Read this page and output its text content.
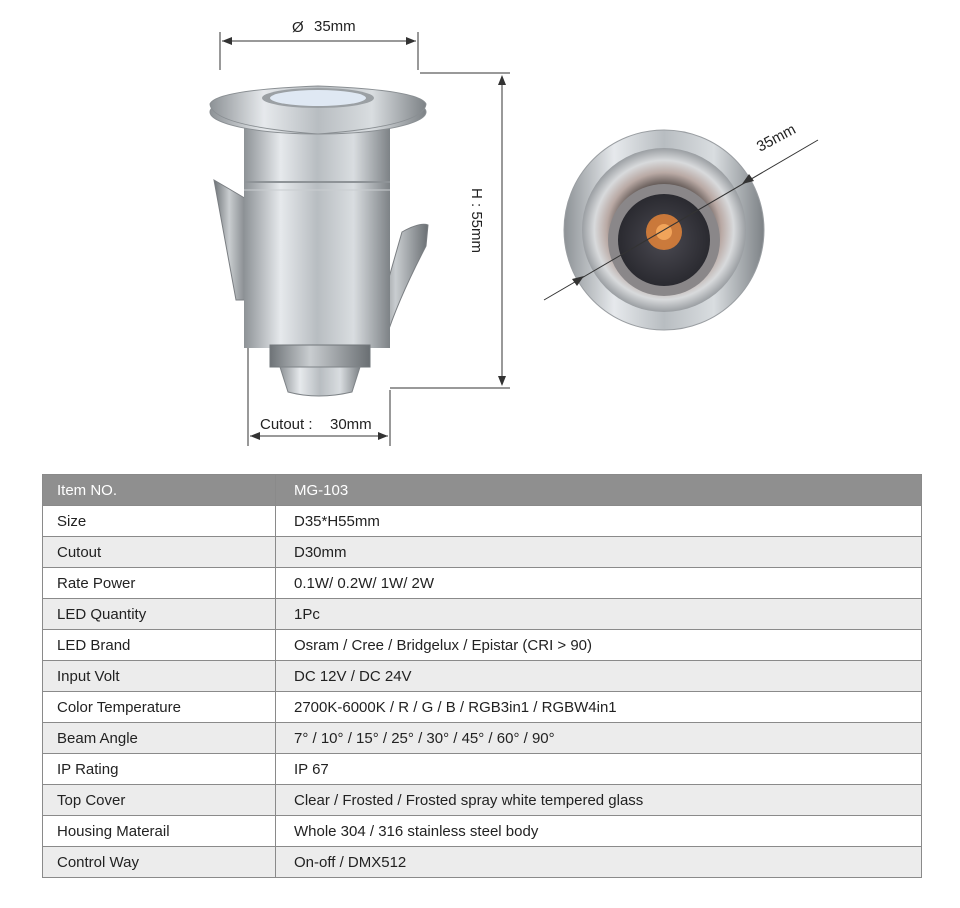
Ø 35mm
H : 55mm
Cutout : 30mm
35mm
Item NO.	MG-103
Size	D35*H55mm
Cutout	D30mm
Rate Power	0.1W/ 0.2W/ 1W/ 2W
LED Quantity	1Pc
LED Brand	Osram / Cree / Bridgelux / Epistar (CRI > 90)
Input Volt	DC 12V / DC 24V
Color Temperature	2700K-6000K / R / G / B / RGB3in1 / RGBW4in1
Beam Angle	7° / 10° / 15° / 25° / 30° / 45° / 60° / 90°
IP Rating	IP 67
Top Cover	Clear / Frosted / Frosted spray white tempered glass
Housing Materail	Whole 304 / 316 stainless steel body
Control Way	On-off / DMX512
